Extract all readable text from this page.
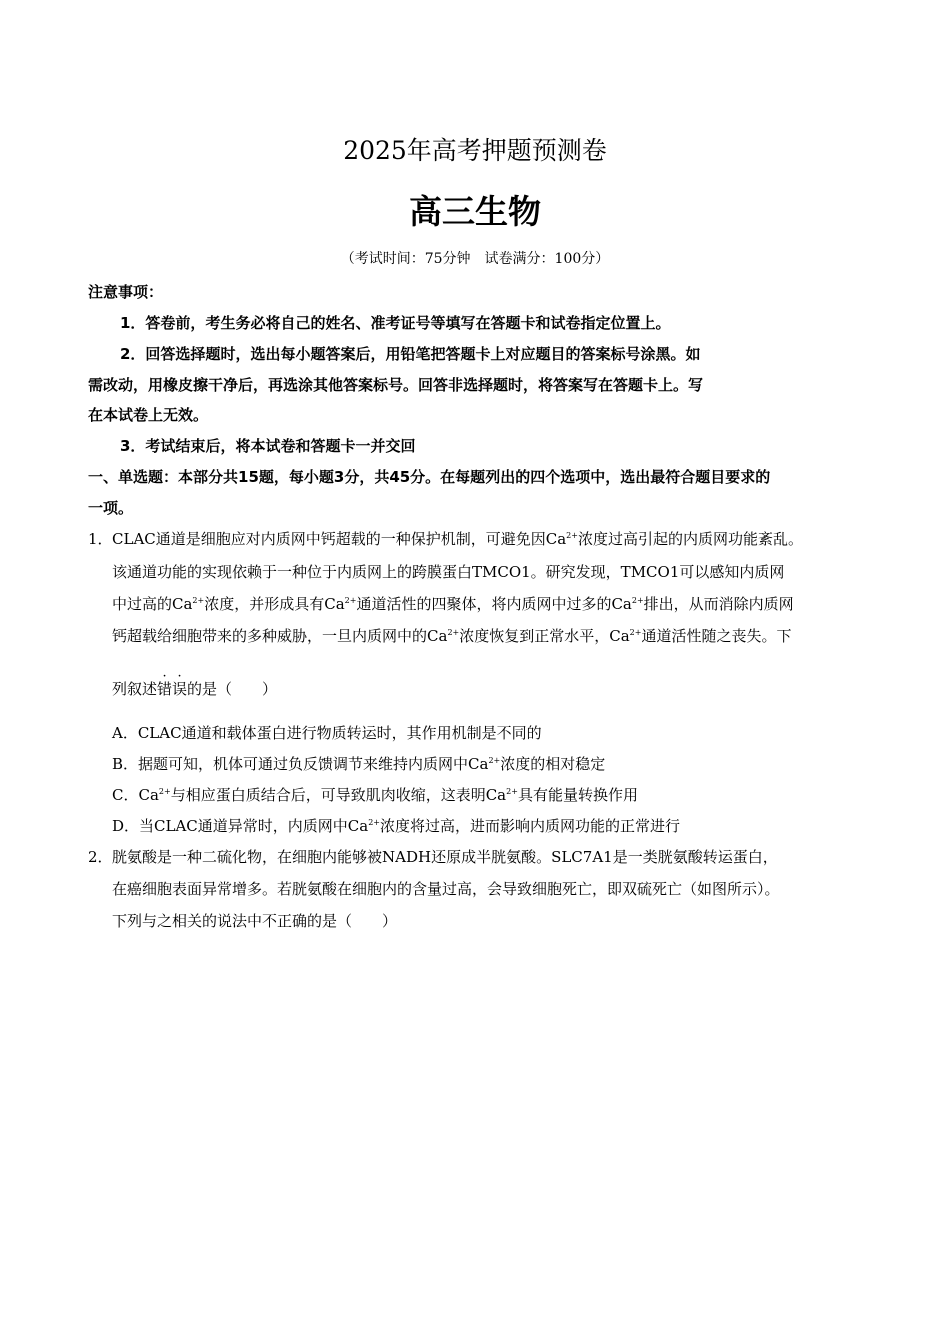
2025年高考押题预测卷
高三生物
（考试时间：75分钟　试卷满分：100分）
注意事项：
1．答卷前，考生务必将自己的姓名、准考证号等填写在答题卡和试卷指定位置上。
2．回答选择题时，选出每小题答案后，用铅笔把答题卡上对应题目的答案标号涂黑。如
需改动，用橡皮擦干净后，再选涂其他答案标号。回答非选择题时，将答案写在答题卡上。写
在本试卷上无效。
3．考试结束后，将本试卷和答题卡一并交回
一、单选题：本部分共15题，每小题3分，共45分。在每题列出的四个选项中，选出最符合题目要求的
一项。
1． CLAC通道是细胞应对内质网中钙超载的一种保护机制，可避免因$Ca^{2+}$浓度过高引起的内质网功能紊乱。
该通道功能的实现依赖于一种位于内质网上的跨膜蛋白TMCO1。研究发现，TMCO1可以感知内质网
中过高的$Ca^{2+}$浓度，并形成具有$Ca^{2+}$通道活性的四聚体，将内质网中过多的$Ca^{2+}$排出，从而消除内质网
钙超载给细胞带来的多种威胁，一旦内质网中的$Ca^{2+}$浓度恢复到正常水平，$Ca^{2+}$通道活性随之丧失。下
列叙述
·
错
·
误的是（　　）
A．CLAC通道和载体蛋白进行物质转运时，其作用机制是不同的
B．据题可知，机体可通过负反馈调节来维持内质网中$Ca^{2+}$浓度的相对稳定
C．$Ca^{2+}$与相应蛋白质结合后，可导致肌肉收缩，这表明$Ca^{2+}$具有能量转换作用
D．当CLAC通道异常时，内质网中$Ca^{2+}$浓度将过高，进而影响内质网功能的正常进行
2． 胱氨酸是一种二硫化物，在细胞内能够被NADH还原成半胱氨酸。SLC7A1是一类胱氨酸转运蛋白，
在癌细胞表面异常增多。若胱氨酸在细胞内的含量过高，会导致细胞死亡，即双硫死亡（如图所示）。
下列与之相关的说法中不正确的是（　　）
